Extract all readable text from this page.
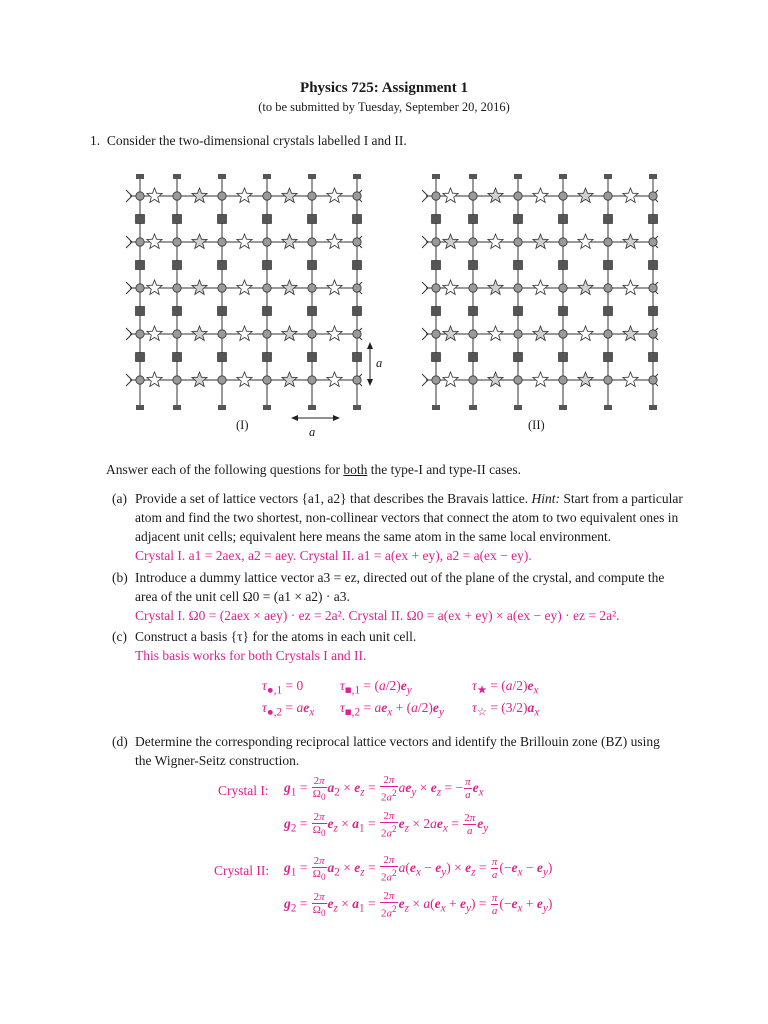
Physics 725: Assignment 1
(to be submitted by Tuesday, September 20, 2016)
1. Consider the two-dimensional crystals labelled I and II.
a
a
(I)	(II)
Answer each of the following questions for both the type-I and type-II cases.
(a) Provide a set of lattice vectors {a1, a2} that describes the Bravais lattice. Hint: Start from a particular
atom and find the two shortest, non-collinear vectors that connect the atom to two equivalent ones in
adjacent unit cells; equivalent here means the same atom in the same local environment.
Crystal I. a1 = 2aex, a2 = aey. Crystal II. a1 = a(ex + ey), a2 = a(ex − ey).
(b) Introduce a dummy lattice vector a3 = ez, directed out of the plane of the crystal, and compute the
area of the unit cell Ω0 = (a1 × a2) · a3.
Crystal I. Ω0 = (2aex × aey) · ez = 2a². Crystal II. Ω0 = a(ex + ey) × a(ex − ey) · ez = 2a².
(c) Construct a basis {τ} for the atoms in each unit cell.
This basis works for both Crystals I and II.
$\tau_{●,1} = 0$	$\tau_{■,1} = (a/2)e_y$	$\tau_★ = (a/2)e_x$
$\tau_{●,2} = ae_x$ $\tau_{■,2} = ae_x + (a/2)e_y$ $\tau_☆ = (3/2)a_x$
(d) Determine the corresponding reciprocal lattice vectors and identify the Brillouin zone (BZ) using
the Wigner-Seitz construction.
Crystal I: $g_1 = \frac{2\pi}{\Omega_0} a_2 \times e_z = \frac{2\pi}{2a^2} ae_y \times e_z$ = − $\frac{\pi}{a} e_x$
$g_2 = \frac{2\pi}{\Omega_0} e_z \times a_1 = \frac{2\pi}{2a^2} e_z \times 2ae_x = \frac{2\pi}{a} e_y$
Crystal II: $g_1 = \frac{2\pi}{\Omega_0} a_2 \times e_z = \frac{2\pi}{2a^2} a(e_x - e_y) \times e_z = \frac{\pi}{a} (-e_x - e_y)$
$g_2 = \frac{2\pi}{\Omega_0} e_z \times a_1 = \frac{2\pi}{2a^2} e_z \times a(e_x + e_y) = \frac{\pi}{a} (-e_x + e_y)$
